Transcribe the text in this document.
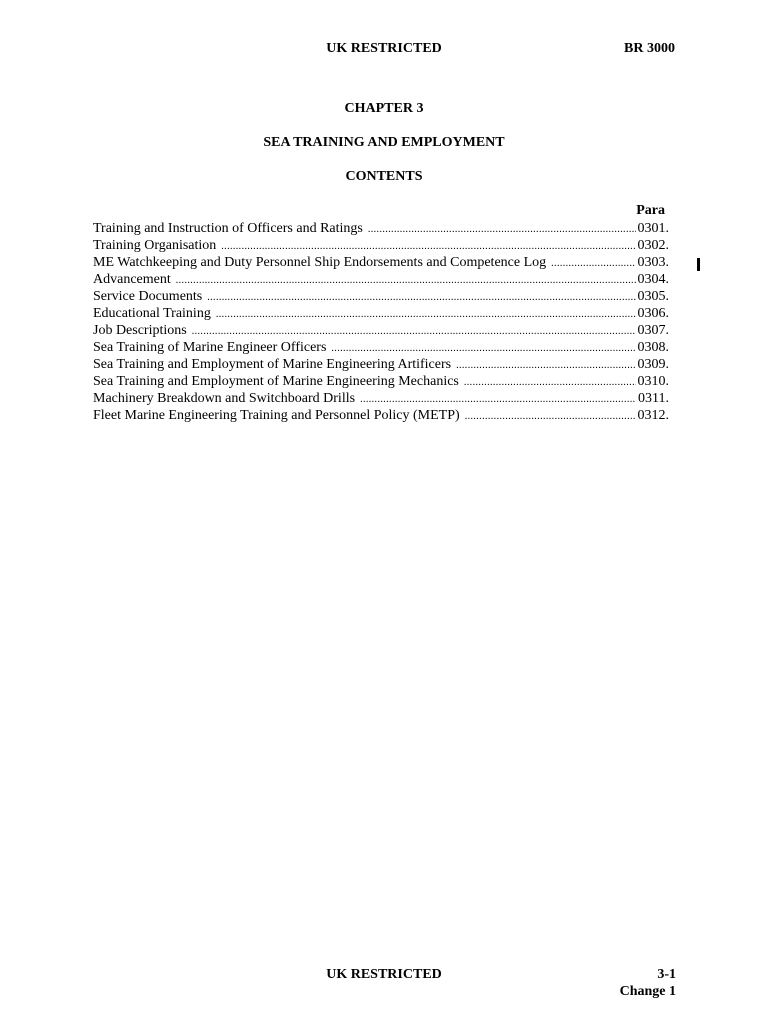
UK RESTRICTED	BR 3000
CHAPTER 3
SEA TRAINING AND EMPLOYMENT
CONTENTS
Para
Training and Instruction of Officers and Ratings .....	0301.
Training Organisation .....	0302.
ME Watchkeeping and Duty Personnel Ship Endorsements and Competence Log .....	0303.
Advancement .....	0304.
Service Documents .....	0305.
Educational Training .....	0306.
Job Descriptions .....	0307.
Sea Training of Marine Engineer Officers .....	0308.
Sea Training and Employment of Marine Engineering Artificers .....	0309.
Sea Training and Employment of Marine Engineering Mechanics .....	0310.
Machinery Breakdown and Switchboard Drills .....	0311.
Fleet Marine Engineering Training and Personnel Policy (METP) .....	0312.
UK RESTRICTED	3-1
Change 1
